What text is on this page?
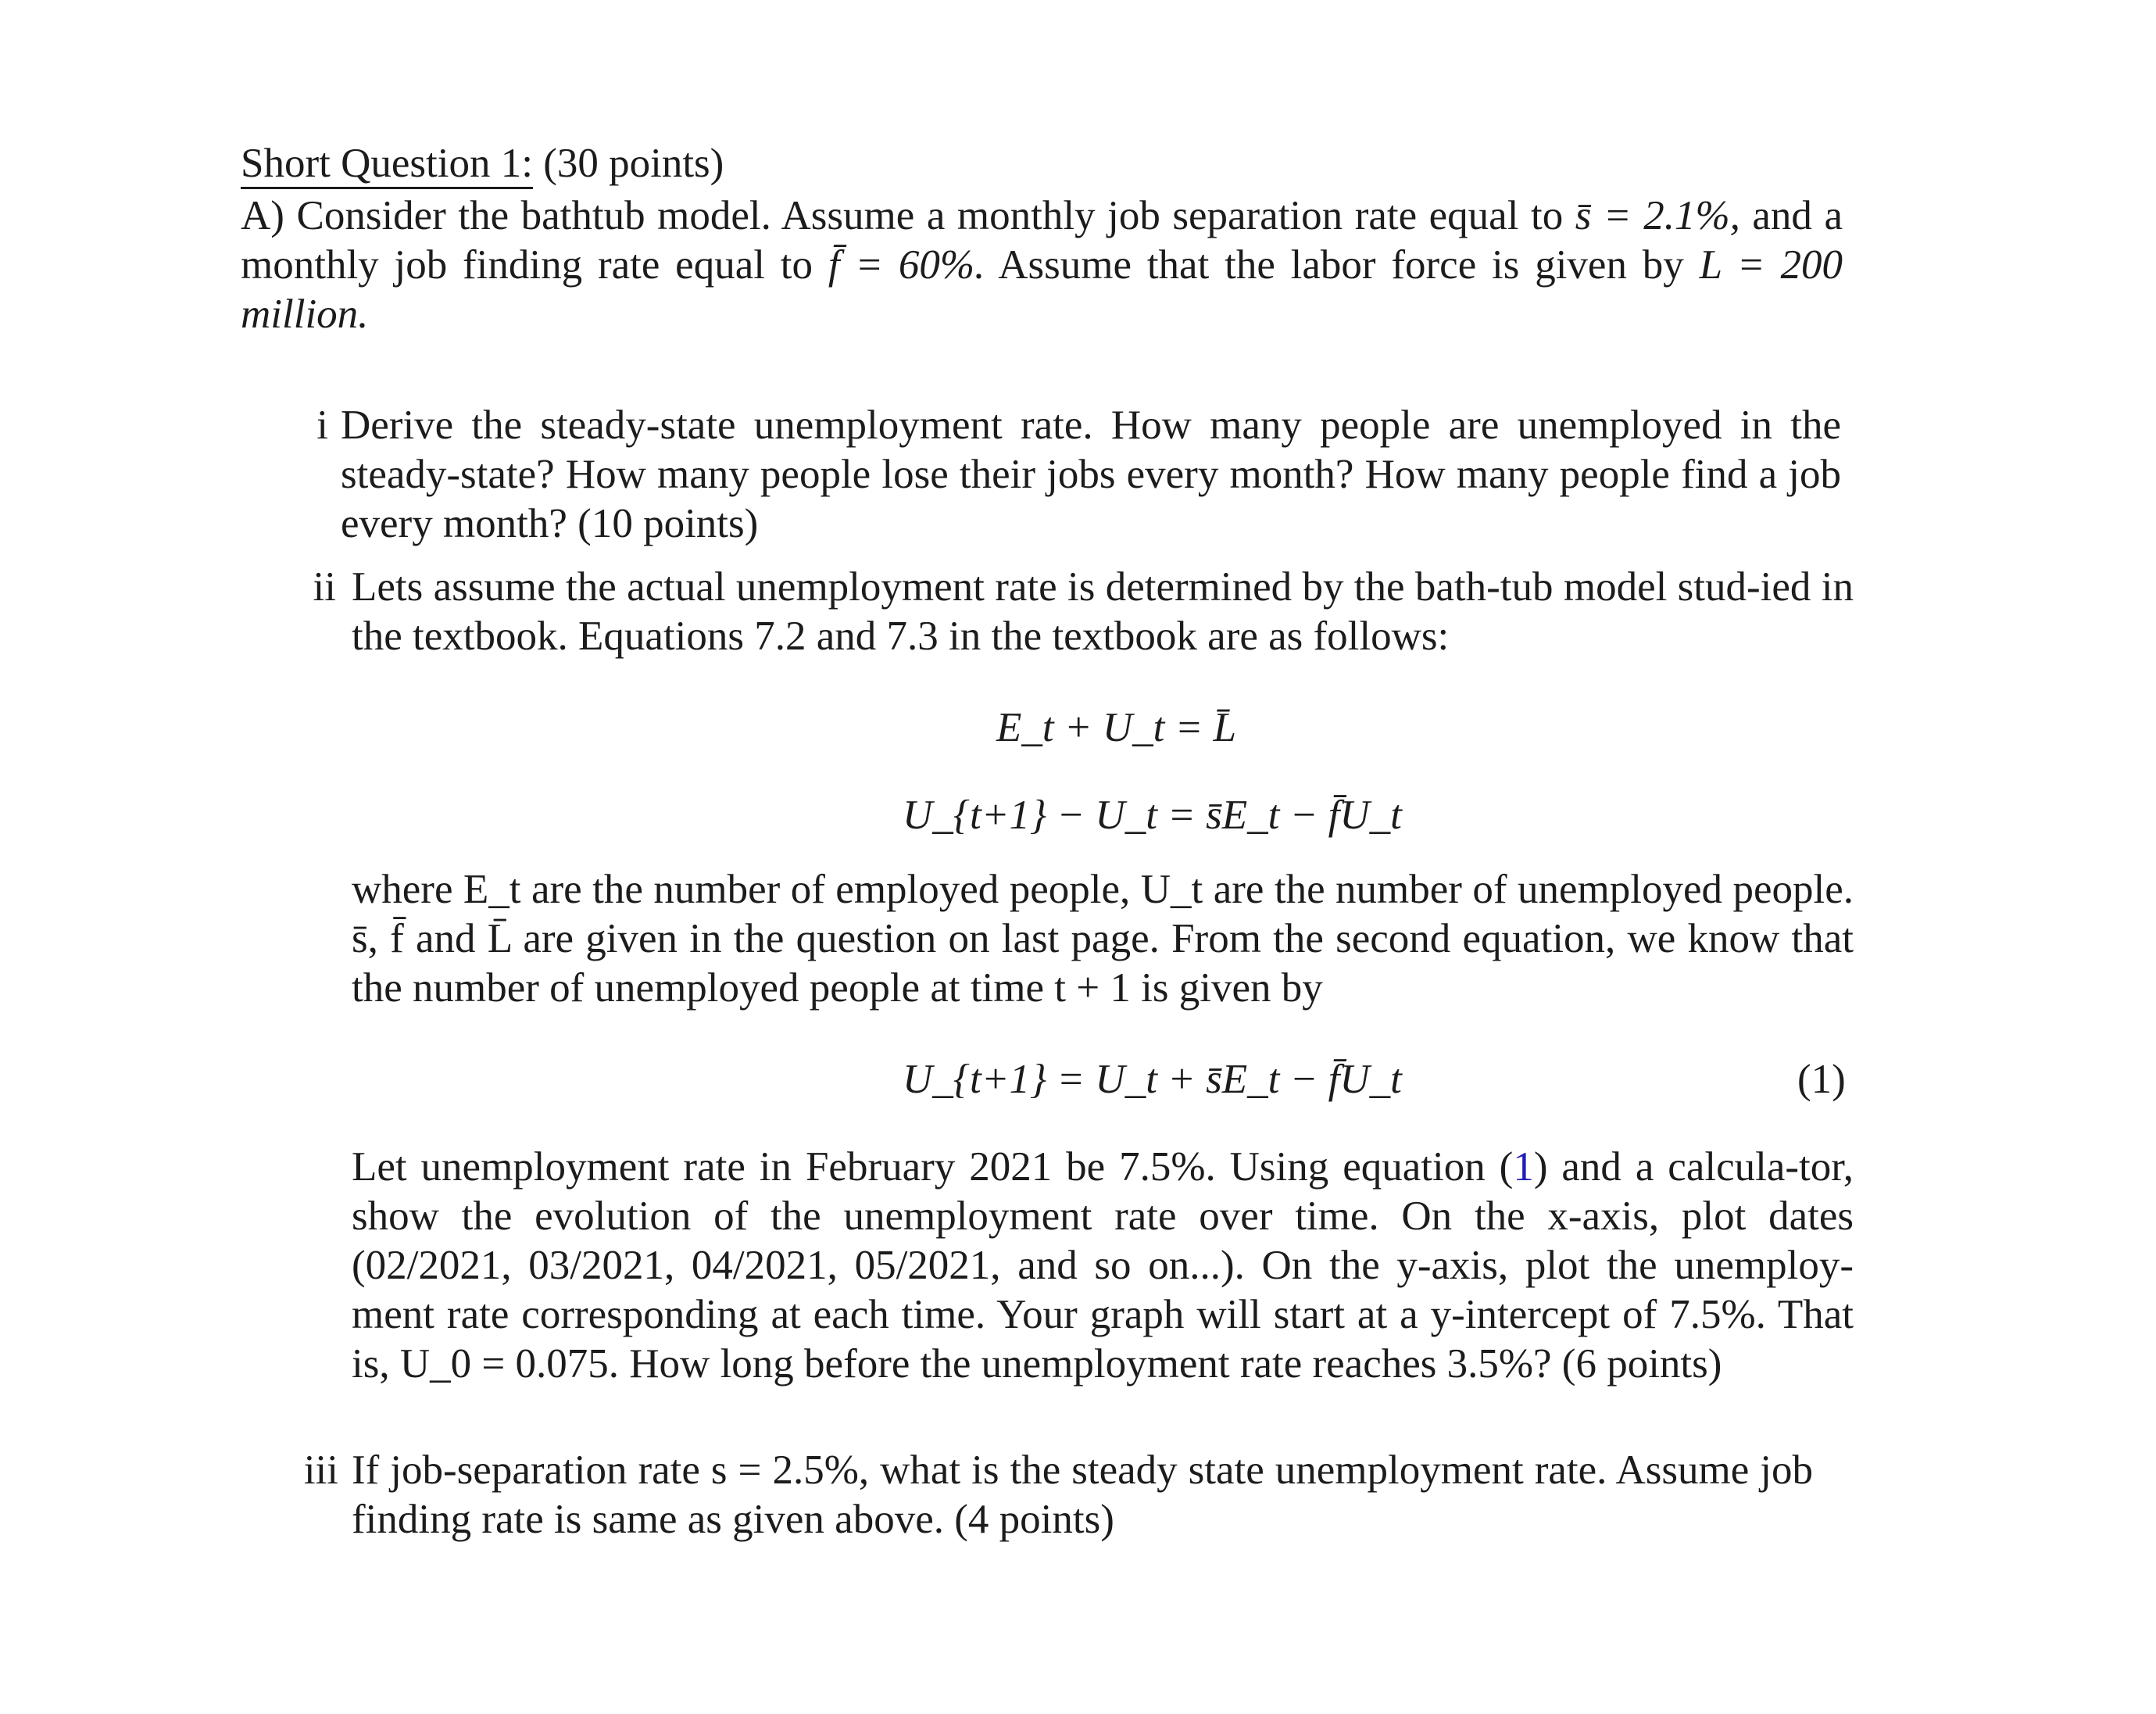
Short Question 1: (30 points)
A) Consider the bathtub model. Assume a monthly job separation rate equal to s̄ = 2.1%, and a monthly job finding rate equal to f̄ = 60%. Assume that the labor force is given by L = 200 million.
i Derive the steady-state unemployment rate. How many people are unemployed in the steady-state? How many people lose their jobs every month? How many people find a job every month? (10 points)
ii Lets assume the actual unemployment rate is determined by the bath-tub model stud-ied in the textbook. Equations 7.2 and 7.3 in the textbook are as follows:
E_t + U_t = L̄
U_{t+1} − U_t = s̄E_t − f̄U_t
where E_t are the number of employed people, U_t are the number of unemployed people. s̄, f̄ and L̄ are given in the question on last page. From the second equation, we know that the number of unemployed people at time t + 1 is given by
U_{t+1} = U_t + s̄E_t − f̄U_t	(1)
Let unemployment rate in February 2021 be 7.5%. Using equation (1) and a calcula-tor, show the evolution of the unemployment rate over time. On the x-axis, plot dates (02/2021, 03/2021, 04/2021, 05/2021, and so on...). On the y-axis, plot the unemploy-ment rate corresponding at each time. Your graph will start at a y-intercept of 7.5%. That is, U_0 = 0.075. How long before the unemployment rate reaches 3.5%? (6 points)
iii If job-separation rate s = 2.5%, what is the steady state unemployment rate. Assume job finding rate is same as given above. (4 points)
